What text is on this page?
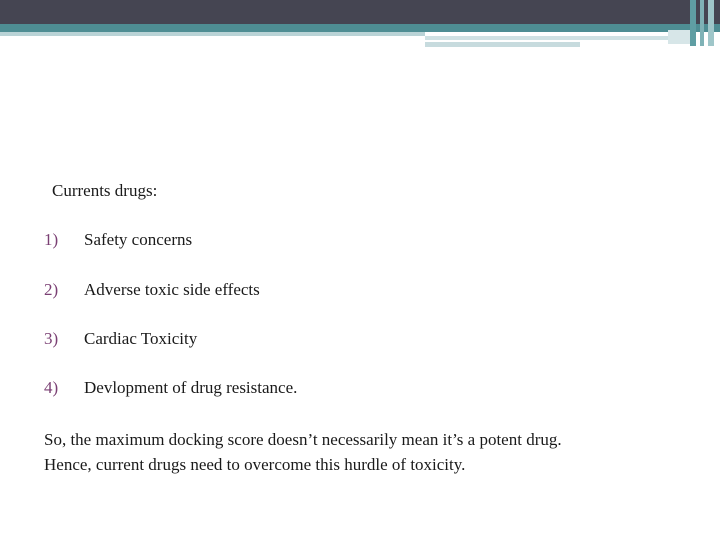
Currents drugs:
1) Safety concerns
2) Adverse toxic side effects
3) Cardiac Toxicity
4) Devlopment of drug resistance.
So, the maximum docking score doesn’t necessarily mean it’s a potent drug.
Hence, current drugs need to overcome this hurdle of toxicity.
